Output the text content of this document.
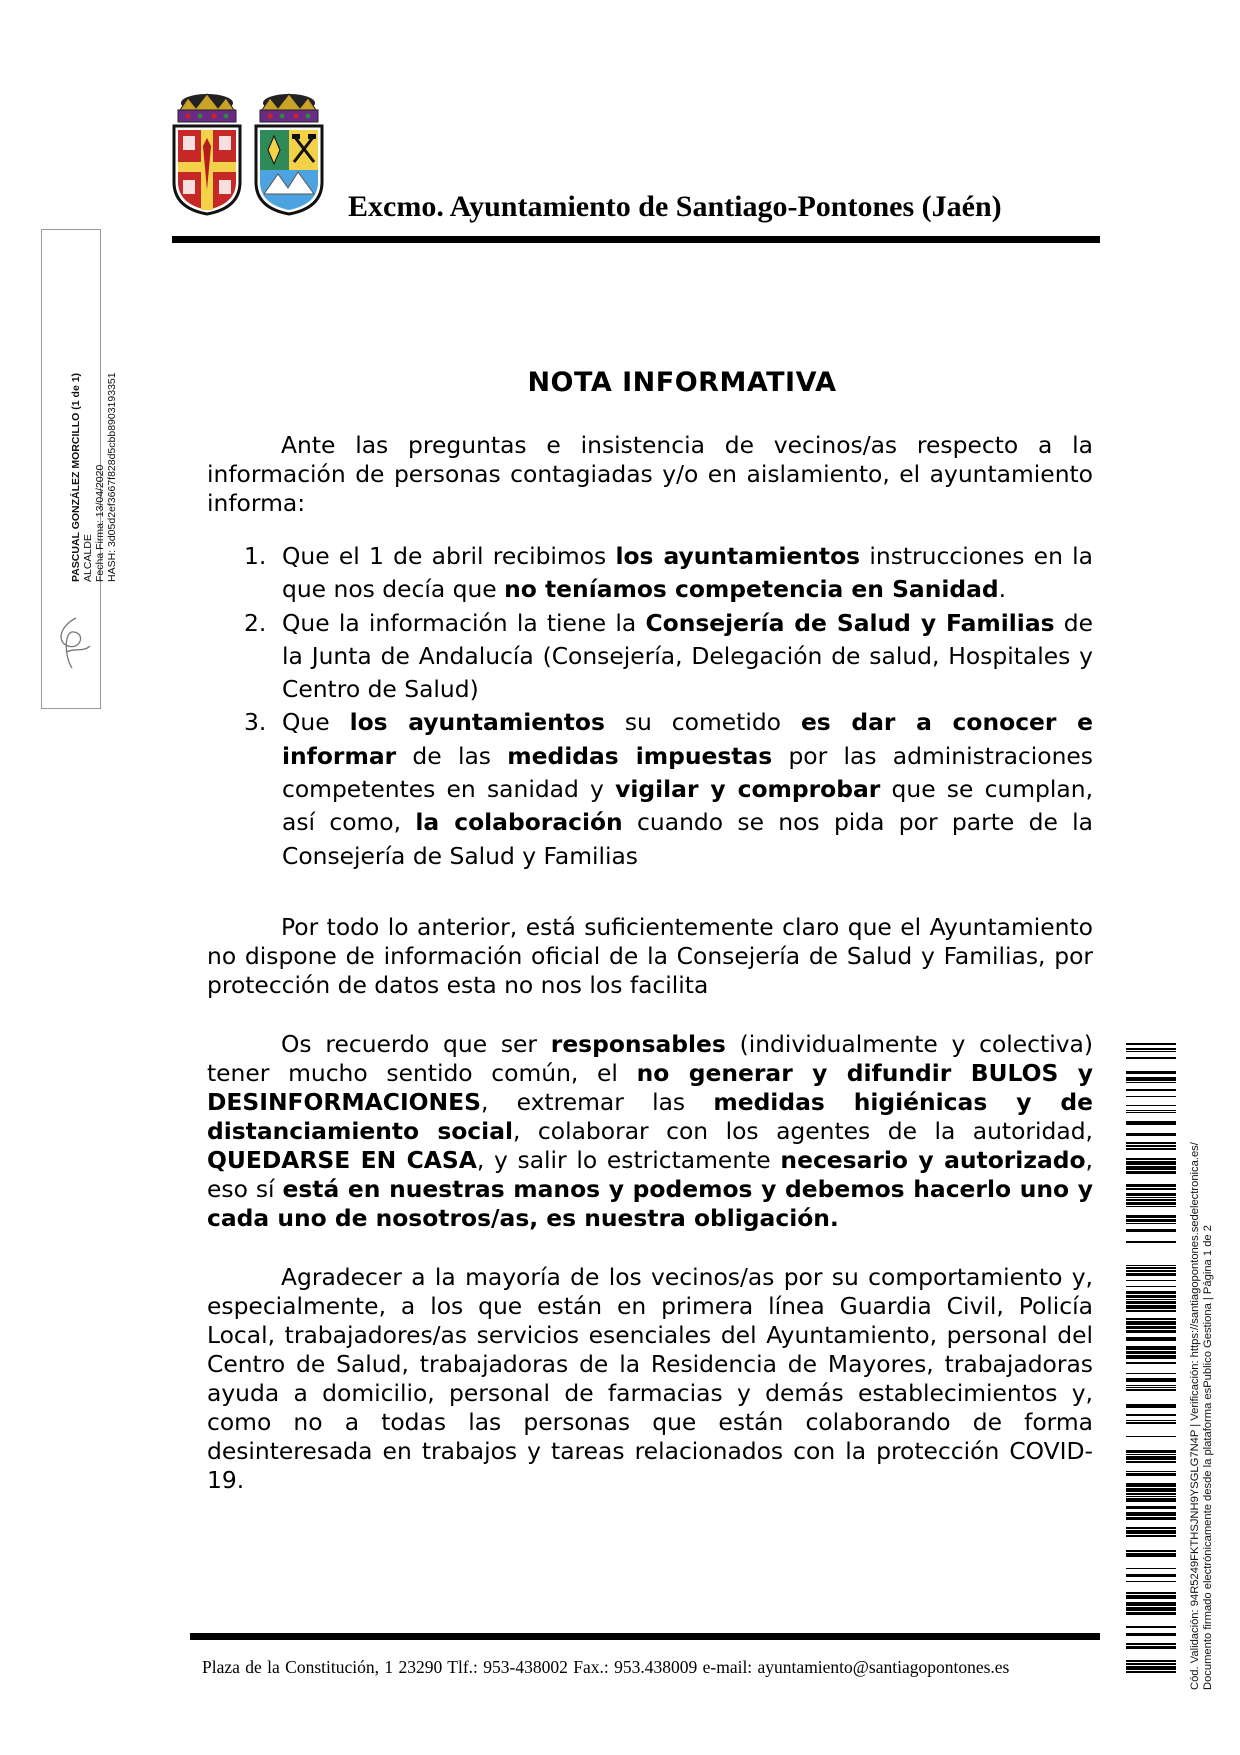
Excmo. Ayuntamiento de Santiago-Pontones (Jaén)
PASCUAL GONZÁLEZ MORCILLO (1 de 1) ALCALDE Fecha Firma: 13/04/2020 HASH: 3d05d2ef3667f828d5cbb8903193351	NOTA INFORMATIVA

Ante las preguntas e insistencia de vecinos/as respecto a la información de personas contagiadas y/o en aislamiento, el ayuntamiento informa:

1. Que el 1 de abril recibimos los ayuntamientos instrucciones en la que nos decía que no teníamos competencia en Sanidad.
2. Que la información la tiene la Consejería de Salud y Familias de la Junta de Andalucía (Consejería, Delegación de salud, Hospitales y Centro de Salud)
3. Que los ayuntamientos su cometido es dar a conocer e informar de las medidas impuestas por las administraciones competentes en sanidad y vigilar y comprobar que se cumplan, así como, la colaboración cuando se nos pida por parte de la Consejería de Salud y Familias

Por todo lo anterior, está suficientemente claro que el Ayuntamiento no dispone de información oficial de la Consejería de Salud y Familias, por protección de datos esta no nos los facilita

Os recuerdo que ser responsables (individualmente y colectiva) tener mucho sentido común, el no generar y difundir BULOS y DESINFORMACIONES, extremar las medidas higiénicas y de distanciamiento social, colaborar con los agentes de la autoridad, QUEDARSE EN CASA, y salir lo estrictamente necesario y autorizado, eso sí está en nuestras manos y podemos y debemos hacerlo uno y cada uno de nosotros/as, es nuestra obligación.

Agradecer a la mayoría de los vecinos/as por su comportamiento y, especialmente, a los que están en primera línea Guardia Civil, Policía Local, trabajadores/as servicios esenciales del Ayuntamiento, personal del Centro de Salud, trabajadoras de la Residencia de Mayores, trabajadoras ayuda a domicilio, personal de farmacias y demás establecimientos y, como no a todas las personas que están colaborando de forma desinteresada en trabajos y tareas relacionados con la protección COVID-19.

Plaza de la Constitución, 1 23290 Tlf.: 953-438002 Fax.: 953.438009 e-mail: ayuntamiento@santiagopontones.es	Cód. Validación: 94R5249FKTHSJNH9YSGLG7N4P | Verificación: https://santiagopontones.sedelectronica.es/ Documento firmado electrónicamente desde la plataforma esPublico Gestiona | Página 1 de 2
